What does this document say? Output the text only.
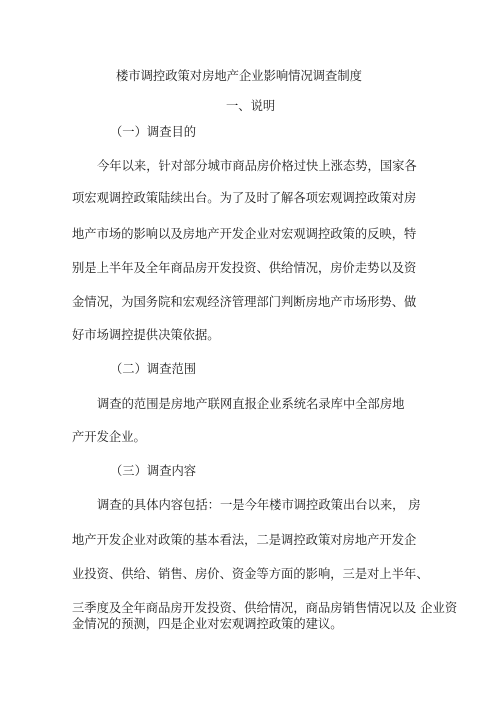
楼市调控政策对房地产企业影响情况调查制度
一、说明
（一）调查目的
今年以来，针对部分城市商品房价格过快上涨态势，国家各
项宏观调控政策陆续出台。为了及时了解各项宏观调控政策对房
地产市场的影响以及房地产开发企业对宏观调控政策的反映，特
别是上半年及全年商品房开发投资、供给情况，房价走势以及资
金情况，为国务院和宏观经济管理部门判断房地产市场形势、做
好市场调控提供决策依据。
（二）调查范围
调查的范围是房地产联网直报企业系统名录库中全部房地
产开发企业。
（三）调查内容
调查的具体内容包括：一是今年楼市调控政策出台以来， 房
地产开发企业对政策的基本看法，二是调控政策对房地产开发企
业投资、供给、销售、房价、资金等方面的影响，三是对上半年、
三季度及全年商品房开发投资、供给情况，商品房销售情况以及 企业资
金情况的预测，四是企业对宏观调控政策的建议。
